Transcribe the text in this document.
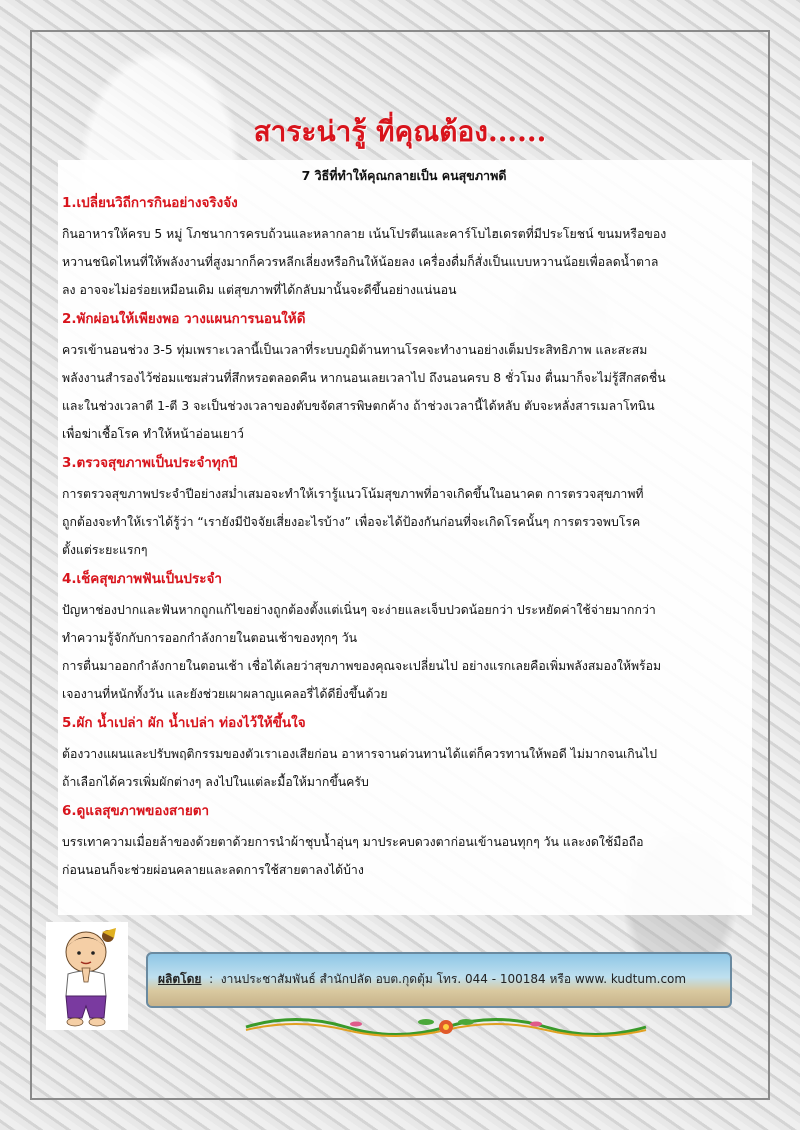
สาระน่ารู้ ที่คุณต้อง......
7 วิธีที่ทำให้คุณกลายเป็น คนสุขภาพดี
1.เปลี่ยนวิถีการกินอย่างจริงจัง

กินอาหารให้ครบ 5 หมู่ โภชนาการครบถ้วนและหลากลาย เน้นโปรตีนและคาร์โบไฮเดรตที่มีประโยชน์ ขนมหรือของ

หวานชนิดไหนที่ให้พลังงานที่สูงมากก็ควรหลีกเลี่ยงหรือกินให้น้อยลง เครื่องดื่มก็สั่งเป็นแบบหวานน้อยเพื่อลดน้ำตาล

ลง อาจจะไม่อร่อยเหมือนเดิม แต่สุขภาพที่ได้กลับมานั้นจะดีขึ้นอย่างแน่นอน

2.พักผ่อนให้เพียงพอ วางแผนการนอนให้ดี

ควรเข้านอนช่วง 3-5 ทุ่มเพราะเวลานี้เป็นเวลาที่ระบบภูมิต้านทานโรคจะทำงานอย่างเต็มประสิทธิภาพ และสะสม

พลังงานสำรองไว้ซ่อมแซมส่วนที่สึกหรอตลอดคืน หากนอนเลยเวลาไป ถึงนอนครบ 8 ชั่วโมง ตื่นมาก็จะไม่รู้สึกสดชื่น

และในช่วงเวลาตี 1-ตี 3 จะเป็นช่วงเวลาของตับขจัดสารพิษตกค้าง ถ้าช่วงเวลานี้ได้หลับ ตับจะหลั่งสารเมลาโทนิน

เพื่อฆ่าเชื้อโรค ทำให้หน้าอ่อนเยาว์

3.ตรวจสุขภาพเป็นประจำทุกปี

การตรวจสุขภาพประจำปีอย่างสม่ำเสมอจะทำให้เรารู้แนวโน้มสุขภาพที่อาจเกิดขึ้นในอนาคต การตรวจสุขภาพที่

ถูกต้องจะทำให้เราได้รู้ว่า “เรายังมีปัจจัยเสี่ยงอะไรบ้าง” เพื่อจะได้ป้องกันก่อนที่จะเกิดโรคนั้นๆ การตรวจพบโรค

ตั้งแต่ระยะแรกๆ

4.เช็คสุขภาพฟันเป็นประจำ

ปัญหาช่องปากและฟันหากถูกแก้ไขอย่างถูกต้องตั้งแต่เนิ่นๆ จะง่ายและเจ็บปวดน้อยกว่า ประหยัดค่าใช้จ่ายมากกว่า

ทำความรู้จักกับการออกกำลังกายในตอนเช้าของทุกๆ วัน

การตื่นมาออกกำลังกายในตอนเช้า เชื่อได้เลยว่าสุขภาพของคุณจะเปลี่ยนไป อย่างแรกเลยคือเพิ่มพลังสมองให้พร้อม

เจองานที่หนักทั้งวัน และยังช่วยเผาผลาญแคลอรี่ได้ดียิ่งขึ้นด้วย

5.ผัก น้ำเปล่า ผัก น้ำเปล่า ท่องไว้ให้ขึ้นใจ

ต้องวางแผนและปรับพฤติกรรมของตัวเราเองเสียก่อน อาหารจานด่วนทานได้แต่ก็ควรทานให้พอดี ไม่มากจนเกินไป

ถ้าเลือกได้ควรเพิ่มผักต่างๆ ลงไปในแต่ละมื้อให้มากขึ้นครับ

6.ดูแลสุขภาพของสายตา

บรรเทาความเมื่อยล้าของด้วยตาด้วยการนำผ้าชุบน้ำอุ่นๆ มาประคบดวงตาก่อนเข้านอนทุกๆ วัน และงดใช้มือถือ

ก่อนนอนก็จะช่วยผ่อนคลายและลดการใช้สายตาลงได้บ้าง

ผลิตโดย : งานประชาสัมพันธ์ สำนักปลัด อบต.กุดตุ้ม โทร. 044 - 100184 หรือ www. kudtum.com
